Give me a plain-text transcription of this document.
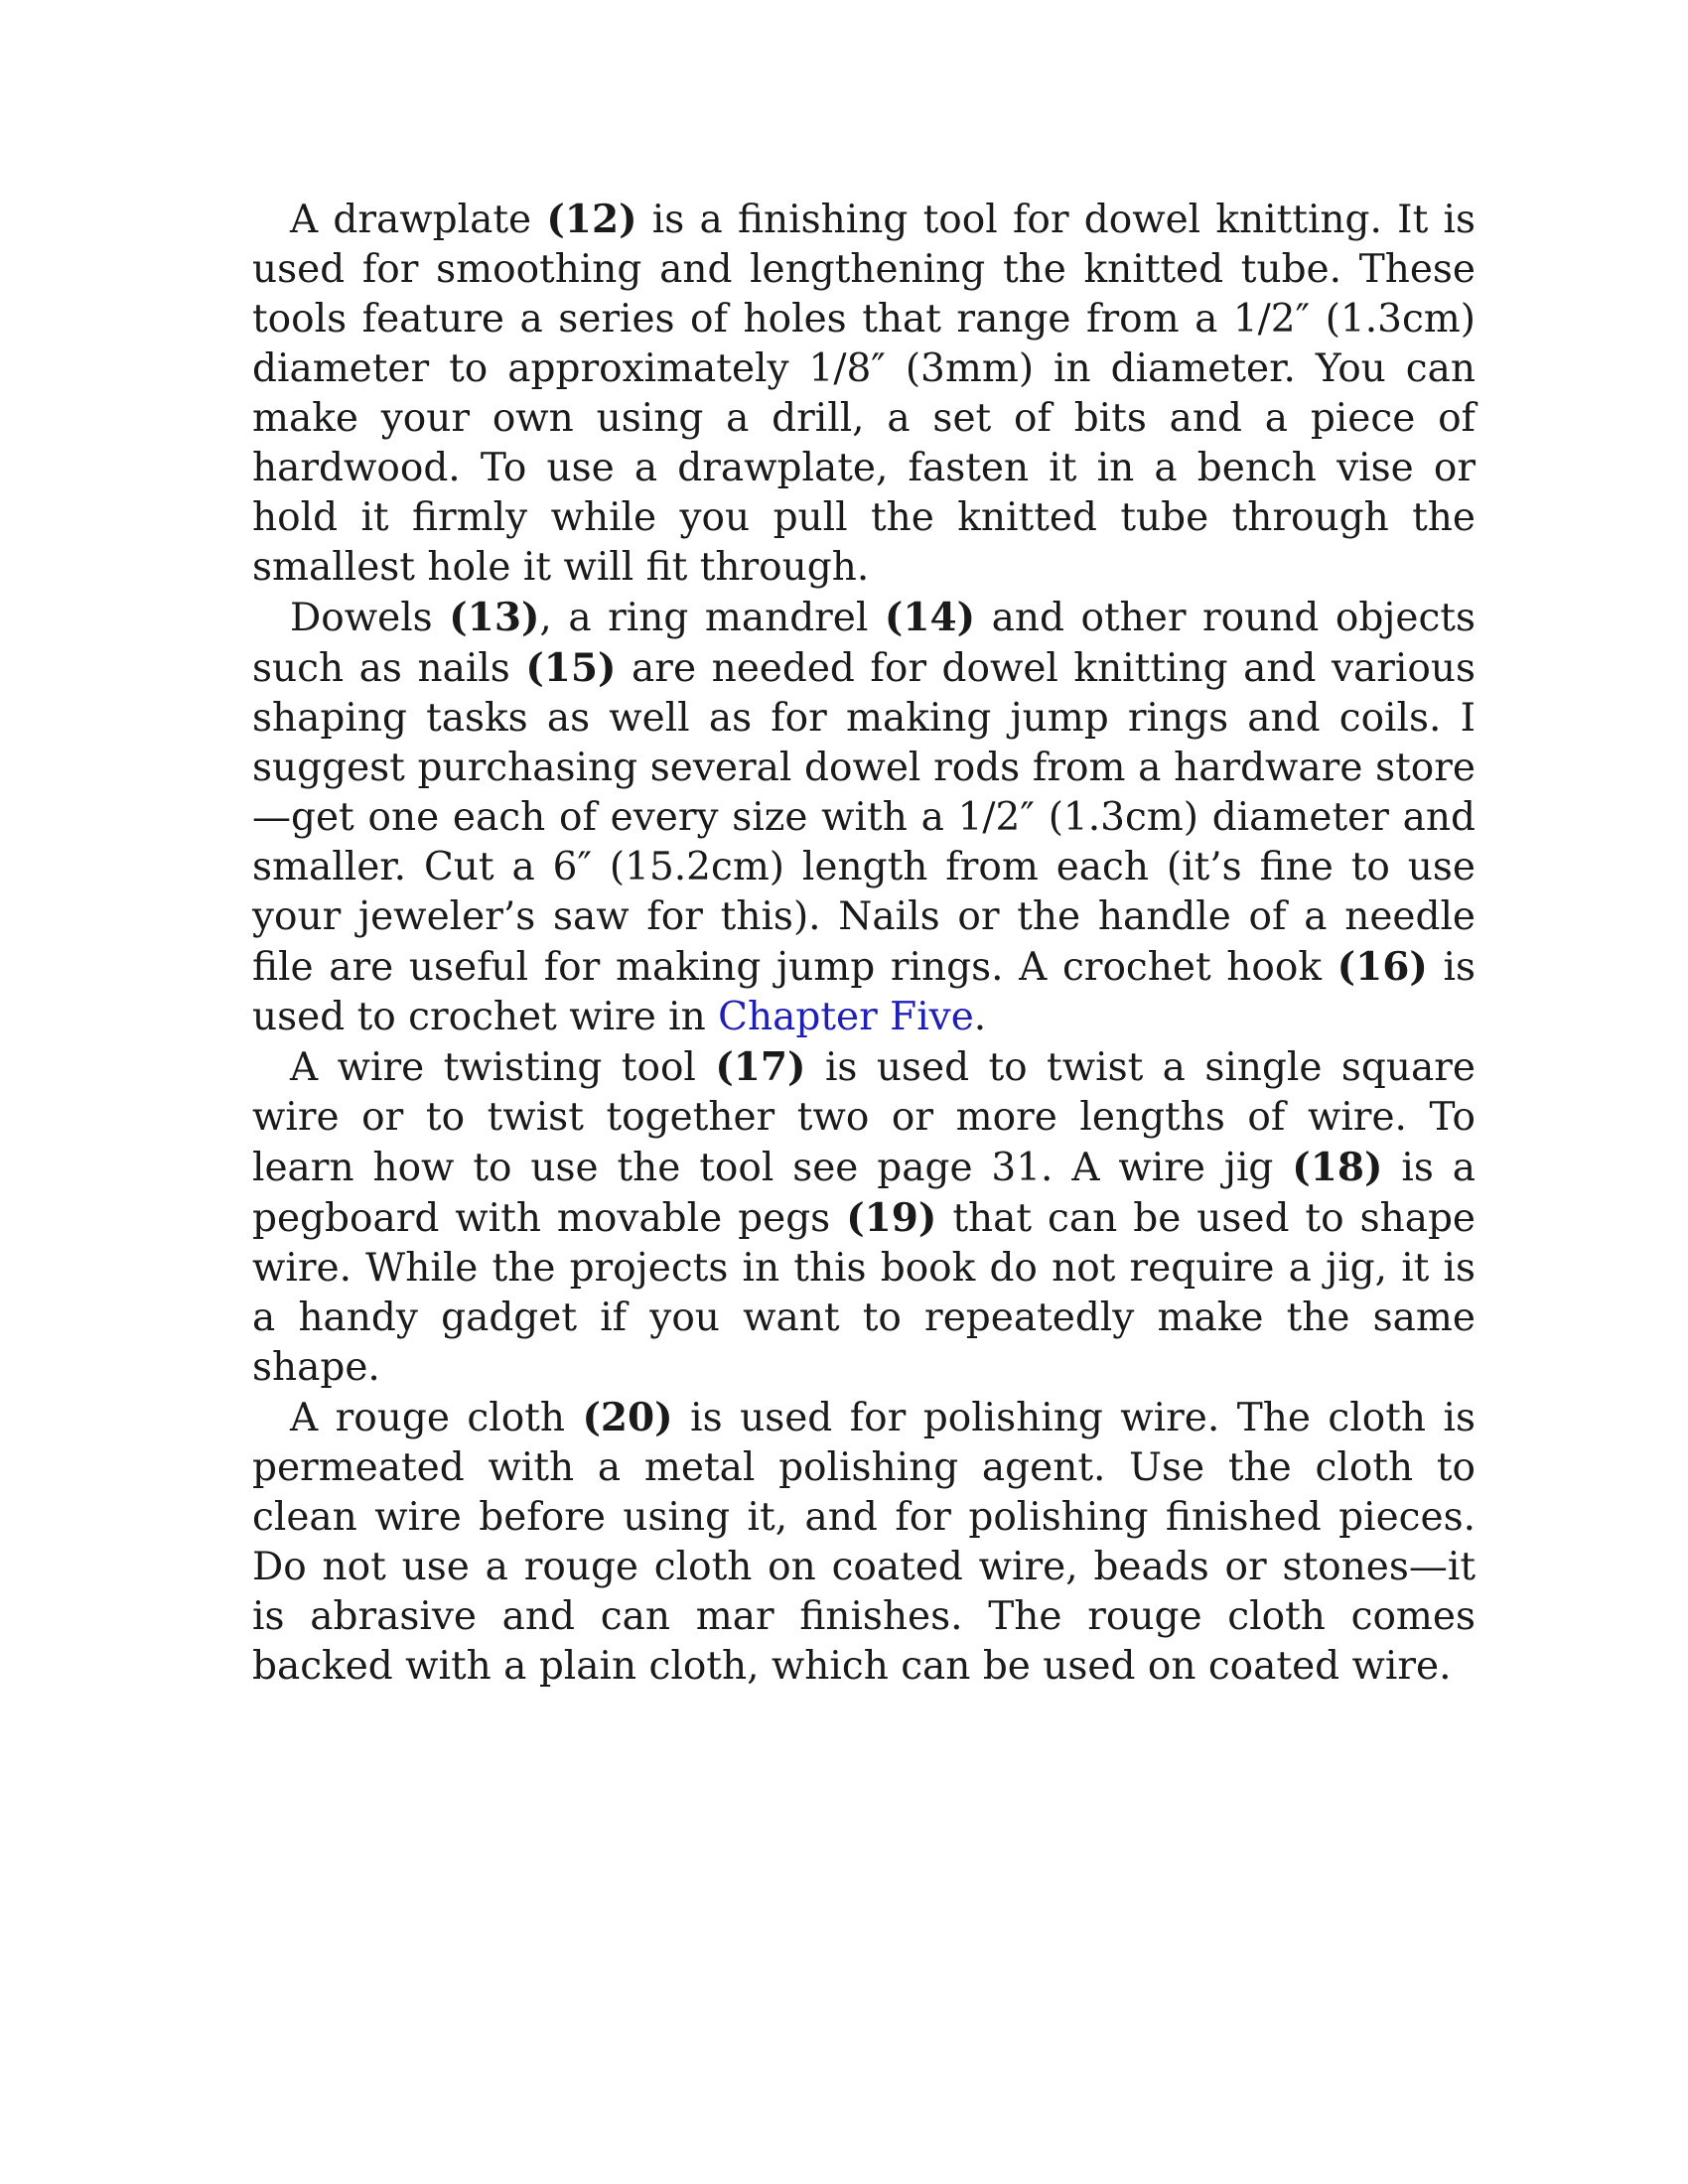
A drawplate (12) is a finishing tool for dowel knitting. It is used for smoothing and lengthening the knitted tube. These tools feature a series of holes that range from a 1/2″ (1.3cm) diameter to approximately 1/8″ (3mm) in diameter. You can make your own using a drill, a set of bits and a piece of hardwood. To use a drawplate, fasten it in a bench vise or hold it firmly while you pull the knitted tube through the smallest hole it will fit through.

Dowels (13), a ring mandrel (14) and other round objects such as nails (15) are needed for dowel knitting and various shaping tasks as well as for making jump rings and coils. I suggest purchasing several dowel rods from a hardware store—get one each of every size with a 1/2″ (1.3cm) diameter and smaller. Cut a 6″ (15.2cm) length from each (it’s fine to use your jeweler’s saw for this). Nails or the handle of a needle file are useful for making jump rings. A crochet hook (16) is used to crochet wire in Chapter Five.

A wire twisting tool (17) is used to twist a single square wire or to twist together two or more lengths of wire. To learn how to use the tool see page 31. A wire jig (18) is a pegboard with movable pegs (19) that can be used to shape wire. While the projects in this book do not require a jig, it is a handy gadget if you want to repeatedly make the same shape.

A rouge cloth (20) is used for polishing wire. The cloth is permeated with a metal polishing agent. Use the cloth to clean wire before using it, and for polishing finished pieces. Do not use a rouge cloth on coated wire, beads or stones—it is abrasive and can mar finishes. The rouge cloth comes backed with a plain cloth, which can be used on coated wire.
